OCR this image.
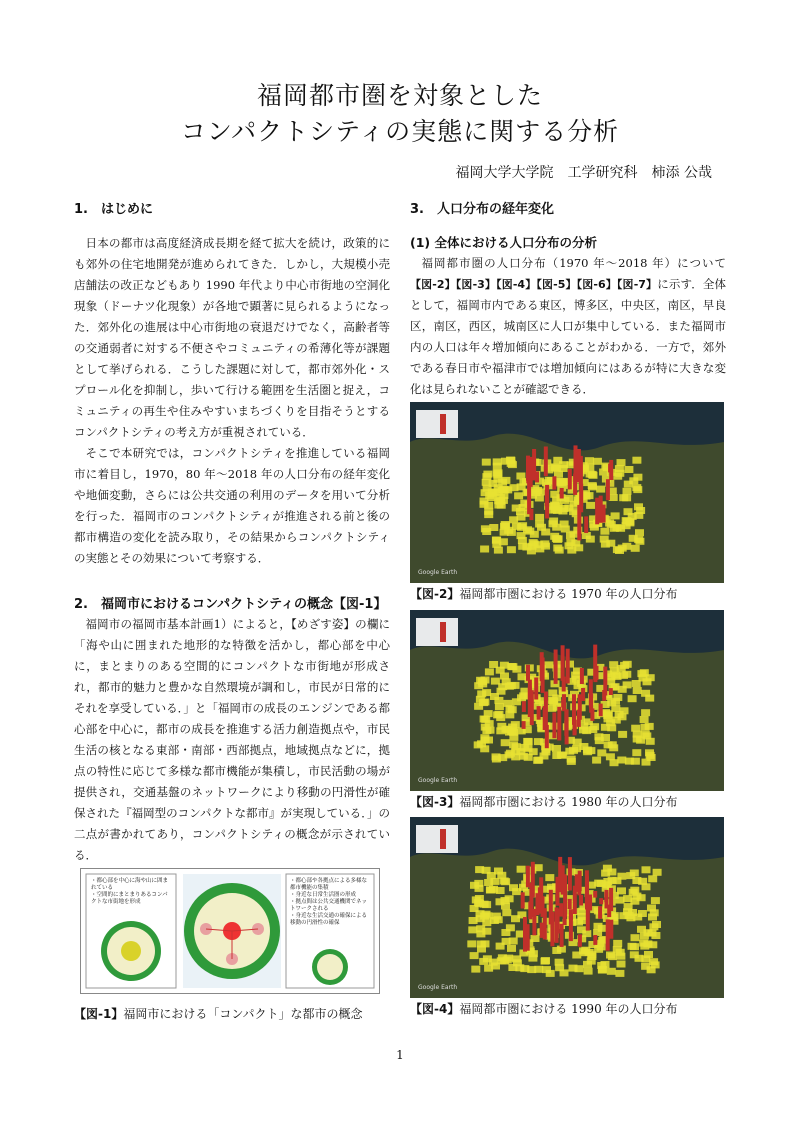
福岡都市圏を対象とした
コンパクトシティの実態に関する分析
福岡大学大学院　工学研究科　柿添 公哉

1.　はじめに

日本の都市は高度経済成長期を経て拡大を続け，政策的にも郊外の住宅地開発が進められてきた．しかし，大規模小売店舗法の改正などもあり 1990 年代より中心市街地の空洞化現象（ドーナツ化現象）が各地で顕著に見られるようになった．郊外化の進展は中心市街地の衰退だけでなく，高齢者等の交通弱者に対する不便さやコミュニティの希薄化等が課題として挙げられる．こうした課題に対して，都市郊外化・スプロール化を抑制し，歩いて行ける範囲を生活圏と捉え，コミュニティの再生や住みやすいまちづくりを目指そうとするコンパクトシティの考え方が重視されている．

そこで本研究では，コンパクトシティを推進している福岡市に着目し，1970，80 年〜2018 年の人口分布の経年変化や地価変動，さらには公共交通の利用のデータを用いて分析を行った．福岡市のコンパクトシティが推進される前と後の都市構造の変化を読み取り，その結果からコンパクトシティの実態とその効果について考察する．

2.　福岡市におけるコンパクトシティの概念【図-1】

福岡市の福岡市基本計画1）によると，【めざす姿】の欄に「海や山に囲まれた地形的な特徴を活かし，都心部を中心に，まとまりのある空間的にコンパクトな市街地が形成され，都市的魅力と豊かな自然環境が調和し，市民が日常的にそれを享受している．」と「福岡市の成長のエンジンである都心部を中心に，都市の成長を推進する活力創造拠点や，市民生活の核となる東部・南部・西部拠点，地域拠点などに，拠点の特性に応じて多様な都市機能が集積し，市民活動の場が提供され，交通基盤のネットワークにより移動の円滑性が確保された『福岡型のコンパクトな都市』が実現している．」の二点が書かれてあり，コンパクトシティの概念が示されている．

・都心部を中心に海や山に囲まれている
・空間的にまとまりあるコンパクトな市街地を形成
・都心部や各拠点による多様な都市機能の集積
・身近な日常生活圏の形成
・拠点間は公共交通機関でネットワークされる
・身近な生活交通の確保による移動の円滑性の確保
【図-1】福岡市における「コンパクト」な都市の概念

3.　人口分布の経年変化

(1) 全体における人口分布の分析

福岡都市圏の人口分布（1970 年〜2018 年）について【図-2】【図-3】【図-4】【図-5】【図-6】【図-7】に示す．全体として，福岡市内である東区，博多区，中央区，南区，早良区，南区，西区，城南区に人口が集中している．また福岡市内の人口は年々増加傾向にあることがわかる．一方で，郊外である春日市や福津市では増加傾向にはあるが特に大きな変化は見られないことが確認できる．

Google Earth
【図-2】福岡都市圏における 1970 年の人口分布
Google Earth
【図-3】福岡都市圏における 1980 年の人口分布
Google Earth
【図-4】福岡都市圏における 1990 年の人口分布
1
